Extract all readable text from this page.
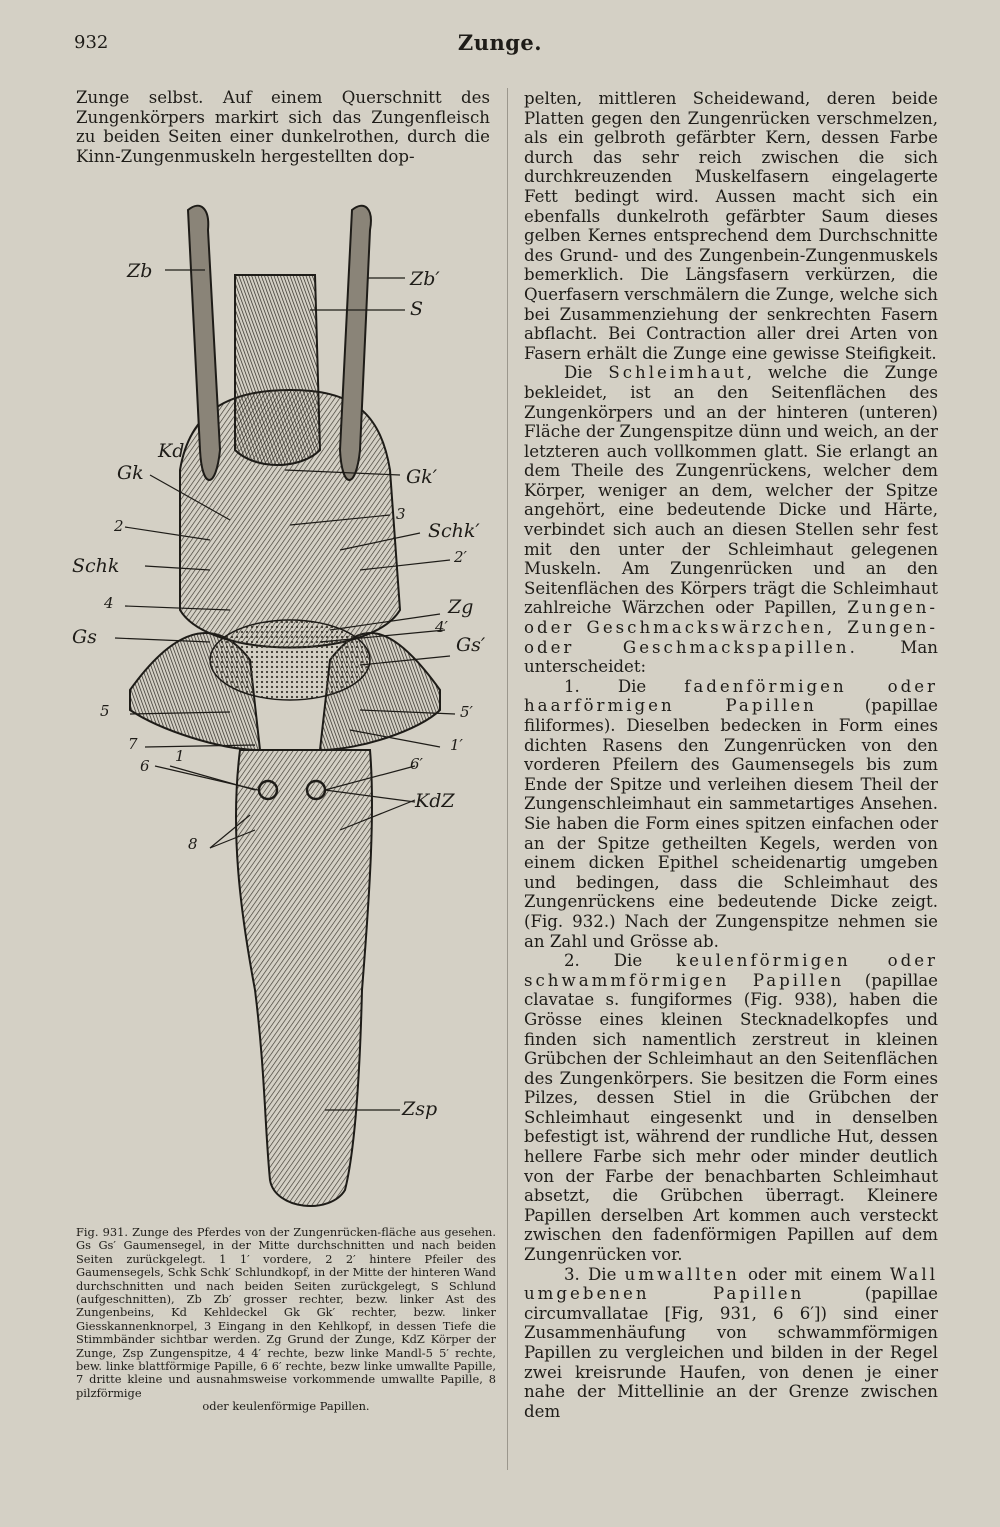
932	Zunge.

Zunge selbst. Auf einem Querschnitt des Zungenkörpers markirt sich das Zungenfleisch zu beiden Seiten einer dunkelrothen, durch die Kinn-Zungenmuskeln hergestellten dop-

Zb	Zb′
S
Kd
Gk	Gk′
3
2	Schk′
Schk	2′
4	Zg
4′
Gs	Gs′
5	5′
7	1′
1
6	6′
KdZ
8
Zsp

Fig. 931. Zunge des Pferdes von der Zungenrücken-fläche aus gesehen. Gs Gs′ Gaumensegel, in der Mitte durchschnitten und nach beiden Seiten zurückgelegt. 1 1′ vordere, 2 2′ hintere Pfeiler des Gaumensegels, Schk Schk′ Schlundkopf, in der Mitte der hinteren Wand durchschnitten und nach beiden Seiten zurückgelegt, S Schlund (aufgeschnitten), Zb Zb′ grosser rechter, bezw. linker Ast des Zungenbeins, Kd Kehldeckel Gk Gk′ rechter, bezw. linker Giesskannenknorpel, 3 Eingang in den Kehlkopf, in dessen Tiefe die Stimmbänder sichtbar werden. Zg Grund der Zunge, KdZ Körper der Zunge, Zsp Zungenspitze, 4 4′ rechte, bezw linke Mandl-5 5′ rechte, bew. linke blattförmige Papille, 6 6′ rechte, bezw linke umwallte Papille, 7 dritte kleine und ausnahmsweise vorkommende umwallte Papille, 8 pilzförmige

oder keulenförmige Papillen.

pelten, mittleren Scheidewand, deren beide Platten gegen den Zungenrücken verschmelzen, als ein gelbroth gefärbter Kern, dessen Farbe durch das sehr reich zwischen die sich durchkreuzenden Muskelfasern eingelagerte Fett bedingt wird. Aussen macht sich ein ebenfalls dunkelroth gefärbter Saum dieses gelben Kernes entsprechend dem Durchschnitte des Grund- und des Zungenbein-Zungenmuskels bemerklich. Die Längsfasern verkürzen, die Querfasern verschmälern die Zunge, welche sich bei Zusammenziehung der senkrechten Fasern abflacht. Bei Contraction aller drei Arten von Fasern erhält die Zunge eine gewisse Steifigkeit.

Die Schleimhaut, welche die Zunge bekleidet, ist an den Seitenflächen des Zungenkörpers und an der hinteren (unteren) Fläche der Zungenspitze dünn und weich, an der letzteren auch vollkommen glatt. Sie erlangt an dem Theile des Zungenrückens, welcher dem Körper, weniger an dem, welcher der Spitze angehört, eine bedeutende Dicke und Härte, verbindet sich auch an diesen Stellen sehr fest mit den unter der Schleimhaut gelegenen Muskeln. Am Zungenrücken und an den Seitenflächen des Körpers trägt die Schleimhaut zahlreiche Wärzchen oder Papillen, Zungen- oder Geschmackswärzchen, Zungen- oder Geschmackspapillen. Man unterscheidet:

1. Die fadenförmigen oder haarförmigen Papillen (papillae filiformes). Dieselben bedecken in Form eines dichten Rasens den Zungenrücken von den vorderen Pfeilern des Gaumensegels bis zum Ende der Spitze und verleihen diesem Theil der Zungenschleimhaut ein sammetartiges Ansehen. Sie haben die Form eines spitzen einfachen oder an der Spitze getheilten Kegels, werden von einem dicken Epithel scheidenartig umgeben und bedingen, dass die Schleimhaut des Zungenrückens eine bedeutende Dicke zeigt. (Fig. 932.) Nach der Zungenspitze nehmen sie an Zahl und Grösse ab.

2. Die keulenförmigen oder schwammförmigen Papillen (papillae clavatae s. fungiformes (Fig. 938), haben die Grösse eines kleinen Stecknadelkopfes und finden sich namentlich zerstreut in kleinen Grübchen der Schleimhaut an den Seitenflächen des Zungenkörpers. Sie besitzen die Form eines Pilzes, dessen Stiel in die Grübchen der Schleimhaut eingesenkt und in denselben befestigt ist, während der rundliche Hut, dessen hellere Farbe sich mehr oder minder deutlich von der Farbe der benachbarten Schleimhaut absetzt, die Grübchen überragt. Kleinere Papillen derselben Art kommen auch versteckt zwischen den fadenförmigen Papillen auf dem Zungenrücken vor.

3. Die umwallten oder mit einem Wall umgebenen Papillen (papillae circumvallatae [Fig, 931, 6 6′]) sind einer Zusammenhäufung von schwammförmigen Papillen zu vergleichen und bilden in der Regel zwei kreisrunde Haufen, von denen je einer nahe der Mittellinie an der Grenze zwischen dem
